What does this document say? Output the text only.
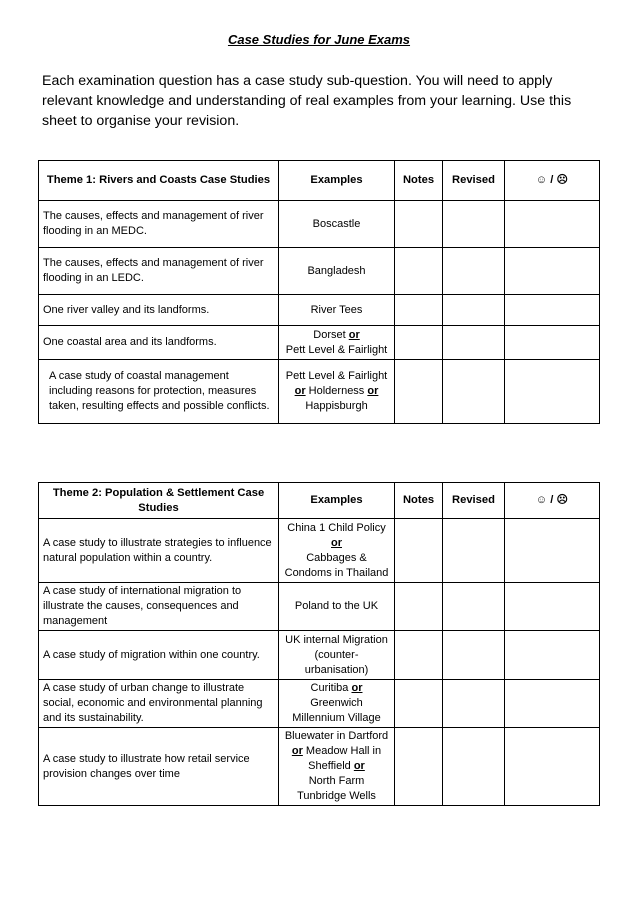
Case Studies for June Exams
Each examination question has a case study sub-question. You will need to apply relevant knowledge and understanding of real examples from your learning. Use this sheet to organise your revision.
Theme 1: Rivers and Coasts Case Studies	Examples	Notes	Revised	☺ / ☹
The causes, effects and management of river flooding in an MEDC.	Boscastle			
The causes, effects and management of river flooding in an LEDC.	Bangladesh			
One river valley and its landforms.	River Tees			
One coastal area and its landforms.	Dorset or
Pett Level & Fairlight			
A case study of coastal management including reasons for protection, measures taken, resulting effects and possible conflicts.	Pett Level & Fairlight
or Holderness or
Happisburgh			
Theme 2: Population & Settlement Case Studies	Examples	Notes	Revised	☺ / ☹
A case study to illustrate strategies to influence natural population within a country.	China 1 Child Policy
or
Cabbages & Condoms in Thailand			
A case study of international migration to illustrate the causes, consequences and management	Poland to the UK			
A case study of migration within one country.	UK internal Migration (counter-urbanisation)			
A case study of urban change to illustrate social, economic and environmental planning and its sustainability.	Curitiba or
Greenwich Millennium Village			
A case study to illustrate how retail service provision changes over time	Bluewater in Dartford or Meadow Hall in Sheffield or
North Farm Tunbridge Wells			
